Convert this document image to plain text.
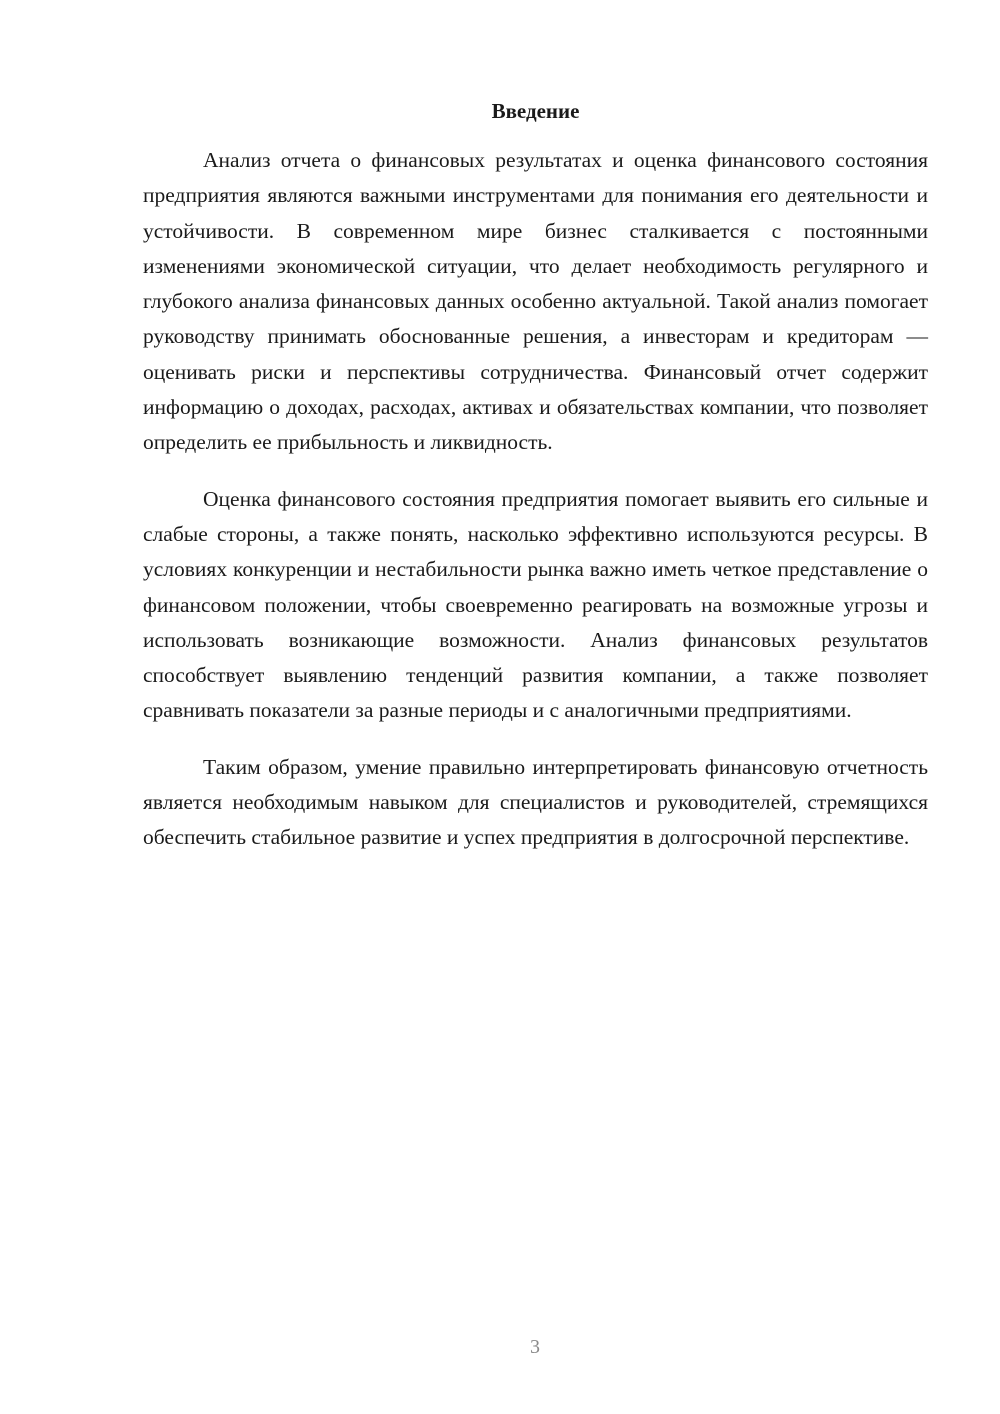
Введение

Анализ отчета о финансовых результатах и оценка финансового состояния предприятия являются важными инструментами для понимания его деятельности и устойчивости. В современном мире бизнес сталкивается с постоянными изменениями экономической ситуации, что делает необходимость регулярного и глубокого анализа финансовых данных особенно актуальной. Такой анализ помогает руководству принимать обоснованные решения, а инвесторам и кредиторам — оценивать риски и перспективы сотрудничества. Финансовый отчет содержит информацию о доходах, расходах, активах и обязательствах компании, что позволяет определить ее прибыльность и ликвидность.

Оценка финансового состояния предприятия помогает выявить его сильные и слабые стороны, а также понять, насколько эффективно используются ресурсы. В условиях конкуренции и нестабильности рынка важно иметь четкое представление о финансовом положении, чтобы своевременно реагировать на возможные угрозы и использовать возникающие возможности. Анализ финансовых результатов способствует выявлению тенденций развития компании, а также позволяет сравнивать показатели за разные периоды и с аналогичными предприятиями.

Таким образом, умение правильно интерпретировать финансовую отчетность является необходимым навыком для специалистов и руководителей, стремящихся обеспечить стабильное развитие и успех предприятия в долгосрочной перспективе.

3
